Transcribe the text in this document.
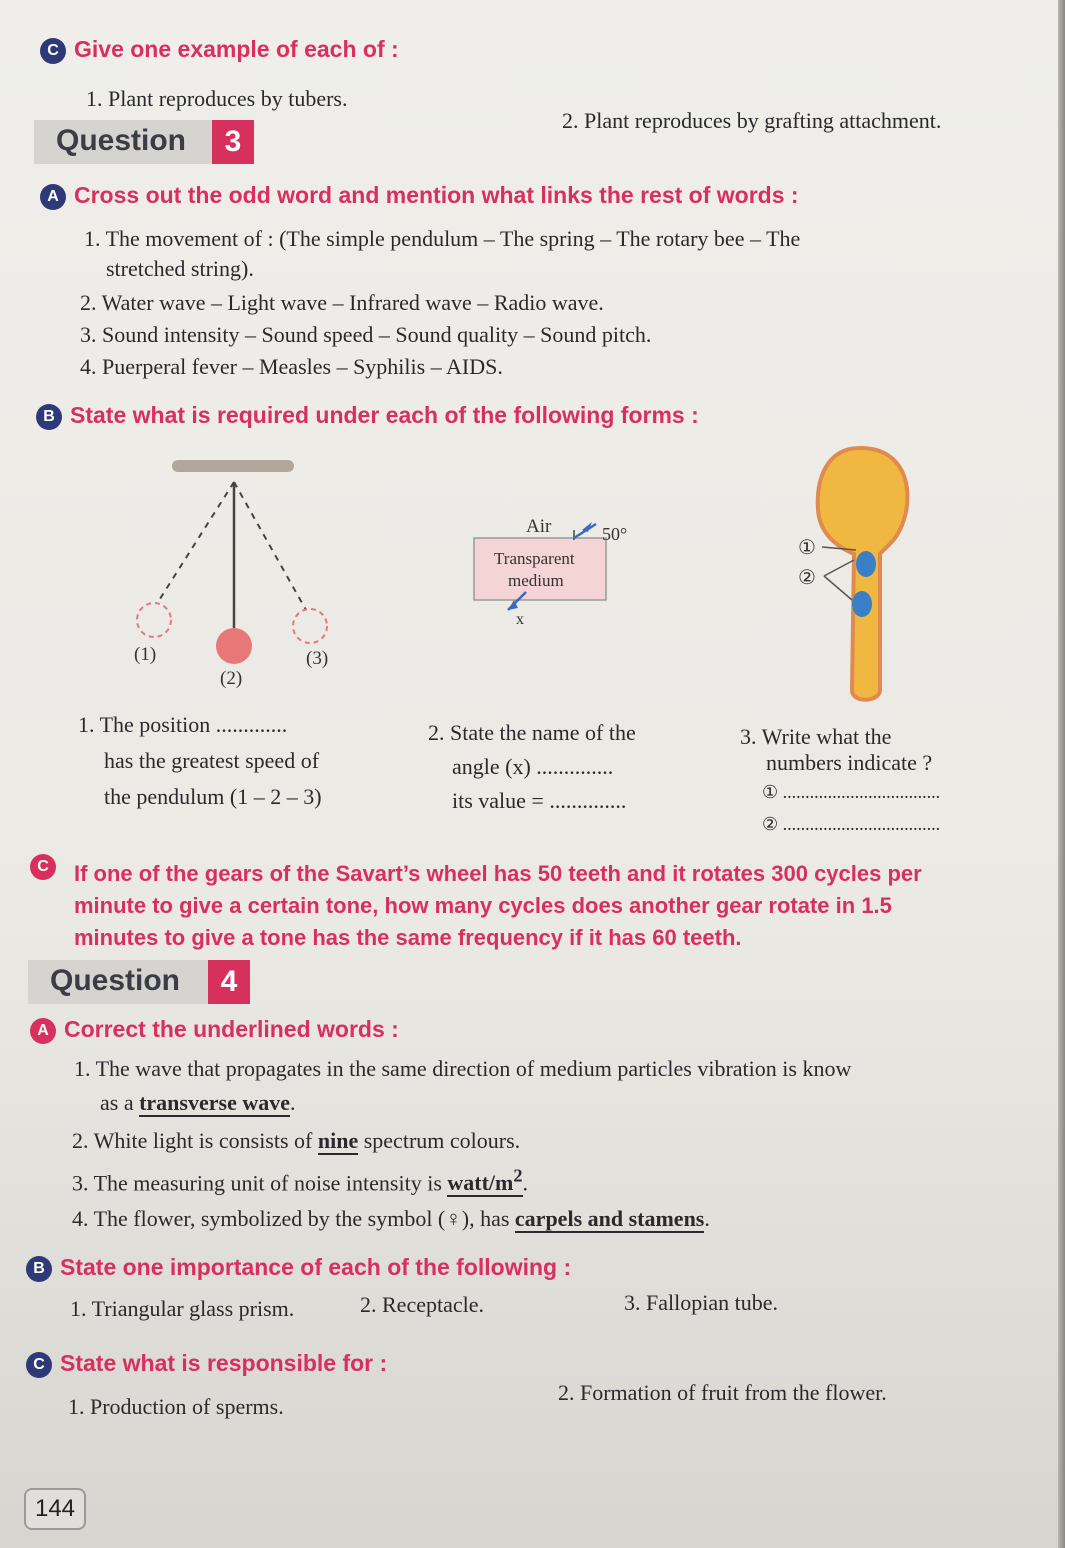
C Give one example of each of :
1. Plant reproduces by tubers.
2. Plant reproduces by grafting attachment.
Question	3
A Cross out the odd word and mention what links the rest of words :
1. The movement of : (The simple pendulum – The spring – The rotary bee – The
stretched string).
2. Water wave – Light wave – Infrared wave – Radio wave.
3. Sound intensity – Sound speed – Sound quality – Sound pitch.
4. Puerperal fever – Measles – Syphilis – AIDS.
B State what is required under each of the following forms :
(1)
(2)
(3)
Air	50°
Transparent
medium
x
①
②
1. The position .............
has the greatest speed of
the pendulum (1 – 2 – 3)
2. State the name of the
angle (x) ..............
its value = ..............
3. Write what the
numbers indicate ?
① ...................................
② ...................................
C	If one of the gears of the Savart’s wheel has 50 teeth and it rotates 300 cycles per
minute to give a certain tone, how many cycles does another gear rotate in 1.5
minutes to give a tone has the same frequency if it has 60 teeth.
Question	4
A Correct the underlined words :
1. The wave that propagates in the same direction of medium particles vibration is know
as a transverse wave.
2. White light is consists of nine spectrum colours.
3. The measuring unit of noise intensity is watt/$m^2$.
4. The flower, symbolized by the symbol (♀), has carpels and stamens.
B State one importance of each of the following :
1. Triangular glass prism.	2. Receptacle.	3. Fallopian tube.
C State what is responsible for :
1. Production of sperms.
2. Formation of fruit from the flower.
144
